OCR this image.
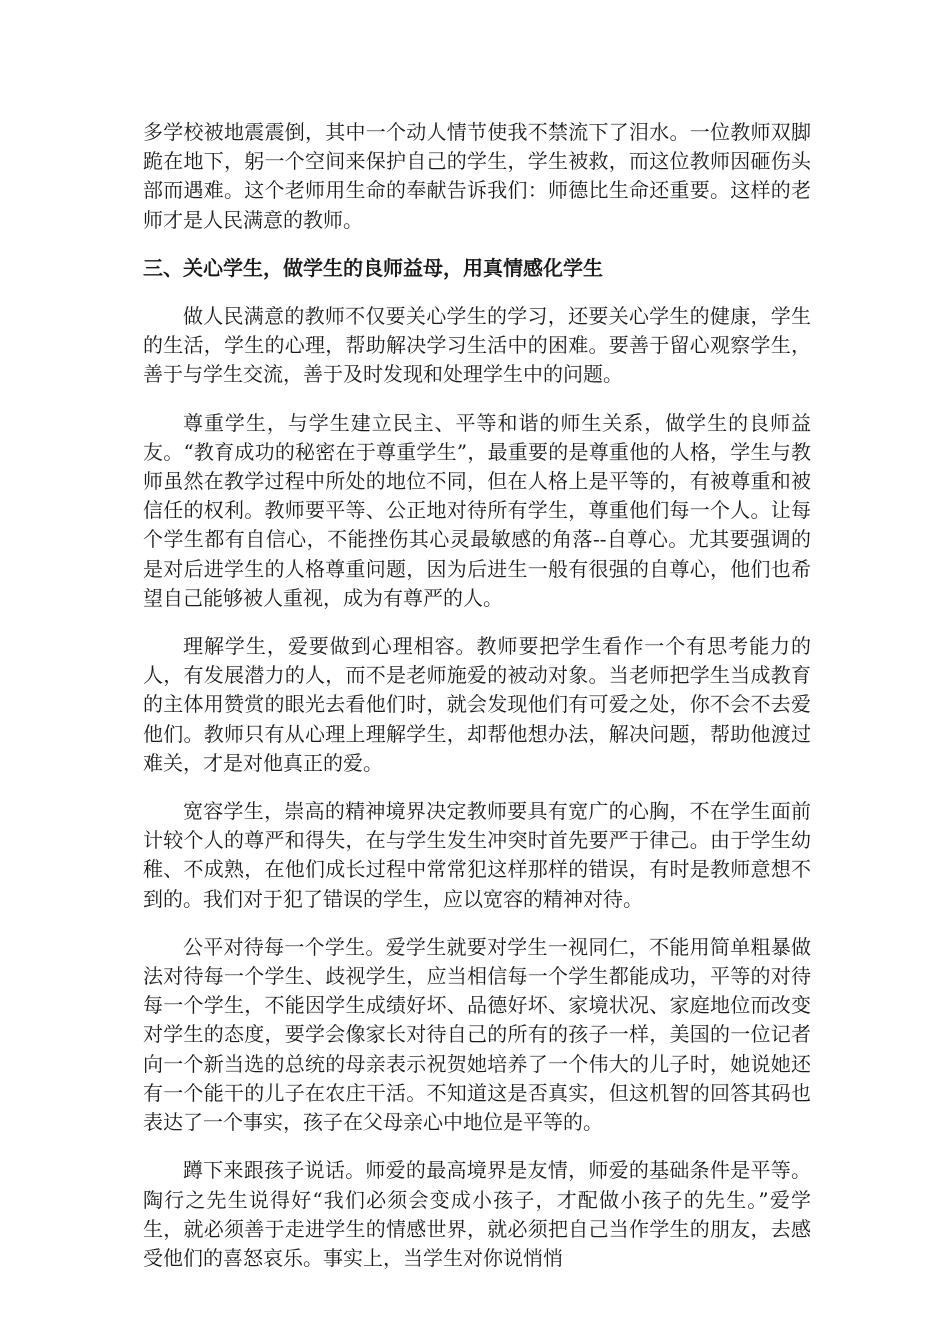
多学校被地震震倒，其中一个动人情节使我不禁流下了泪水。一位教师双脚跪在地下，躬一个空间来保护自己的学生，学生被救，而这位教师因砸伤头部而遇难。这个老师用生命的奉献告诉我们：师德比生命还重要。这样的老师才是人民满意的教师。

三、关心学生，做学生的良师益母，用真情感化学生

做人民满意的教师不仅要关心学生的学习，还要关心学生的健康，学生的生活，学生的心理，帮助解决学习生活中的困难。要善于留心观察学生，善于与学生交流，善于及时发现和处理学生中的问题。

尊重学生，与学生建立民主、平等和谐的师生关系，做学生的良师益友。“教育成功的秘密在于尊重学生”，最重要的是尊重他的人格，学生与教师虽然在教学过程中所处的地位不同，但在人格上是平等的，有被尊重和被信任的权利。教师要平等、公正地对待所有学生，尊重他们每一个人。让每个学生都有自信心，不能挫伤其心灵最敏感的角落--自尊心。尤其要强调的是对后进学生的人格尊重问题，因为后进生一般有很强的自尊心，他们也希望自己能够被人重视，成为有尊严的人。

理解学生，爱要做到心理相容。教师要把学生看作一个有思考能力的人，有发展潜力的人，而不是老师施爱的被动对象。当老师把学生当成教育的主体用赞赏的眼光去看他们时，就会发现他们有可爱之处，你不会不去爱他们。教师只有从心理上理解学生，却帮他想办法，解决问题，帮助他渡过难关，才是对他真正的爱。

宽容学生，崇高的精神境界决定教师要具有宽广的心胸，不在学生面前计较个人的尊严和得失，在与学生发生冲突时首先要严于律己。由于学生幼稚、不成熟，在他们成长过程中常常犯这样那样的错误，有时是教师意想不到的。我们对于犯了错误的学生，应以宽容的精神对待。

公平对待每一个学生。爱学生就要对学生一视同仁，不能用简单粗暴做法对待每一个学生、歧视学生，应当相信每一个学生都能成功，平等的对待每一个学生，不能因学生成绩好坏、品德好坏、家境状况、家庭地位而改变对学生的态度，要学会像家长对待自己的所有的孩子一样，美国的一位记者向一个新当选的总统的母亲表示祝贺她培养了一个伟大的儿子时，她说她还有一个能干的儿子在农庄干活。不知道这是否真实，但这机智的回答其码也表达了一个事实，孩子在父母亲心中地位是平等的。

蹲下来跟孩子说话。师爱的最高境界是友情，师爱的基础条件是平等。陶行之先生说得好“我们必须会变成小孩子，才配做小孩子的先生。”爱学生，就必须善于走进学生的情感世界，就必须把自己当作学生的朋友，去感受他们的喜怒哀乐。事实上，当学生对你说悄悄
